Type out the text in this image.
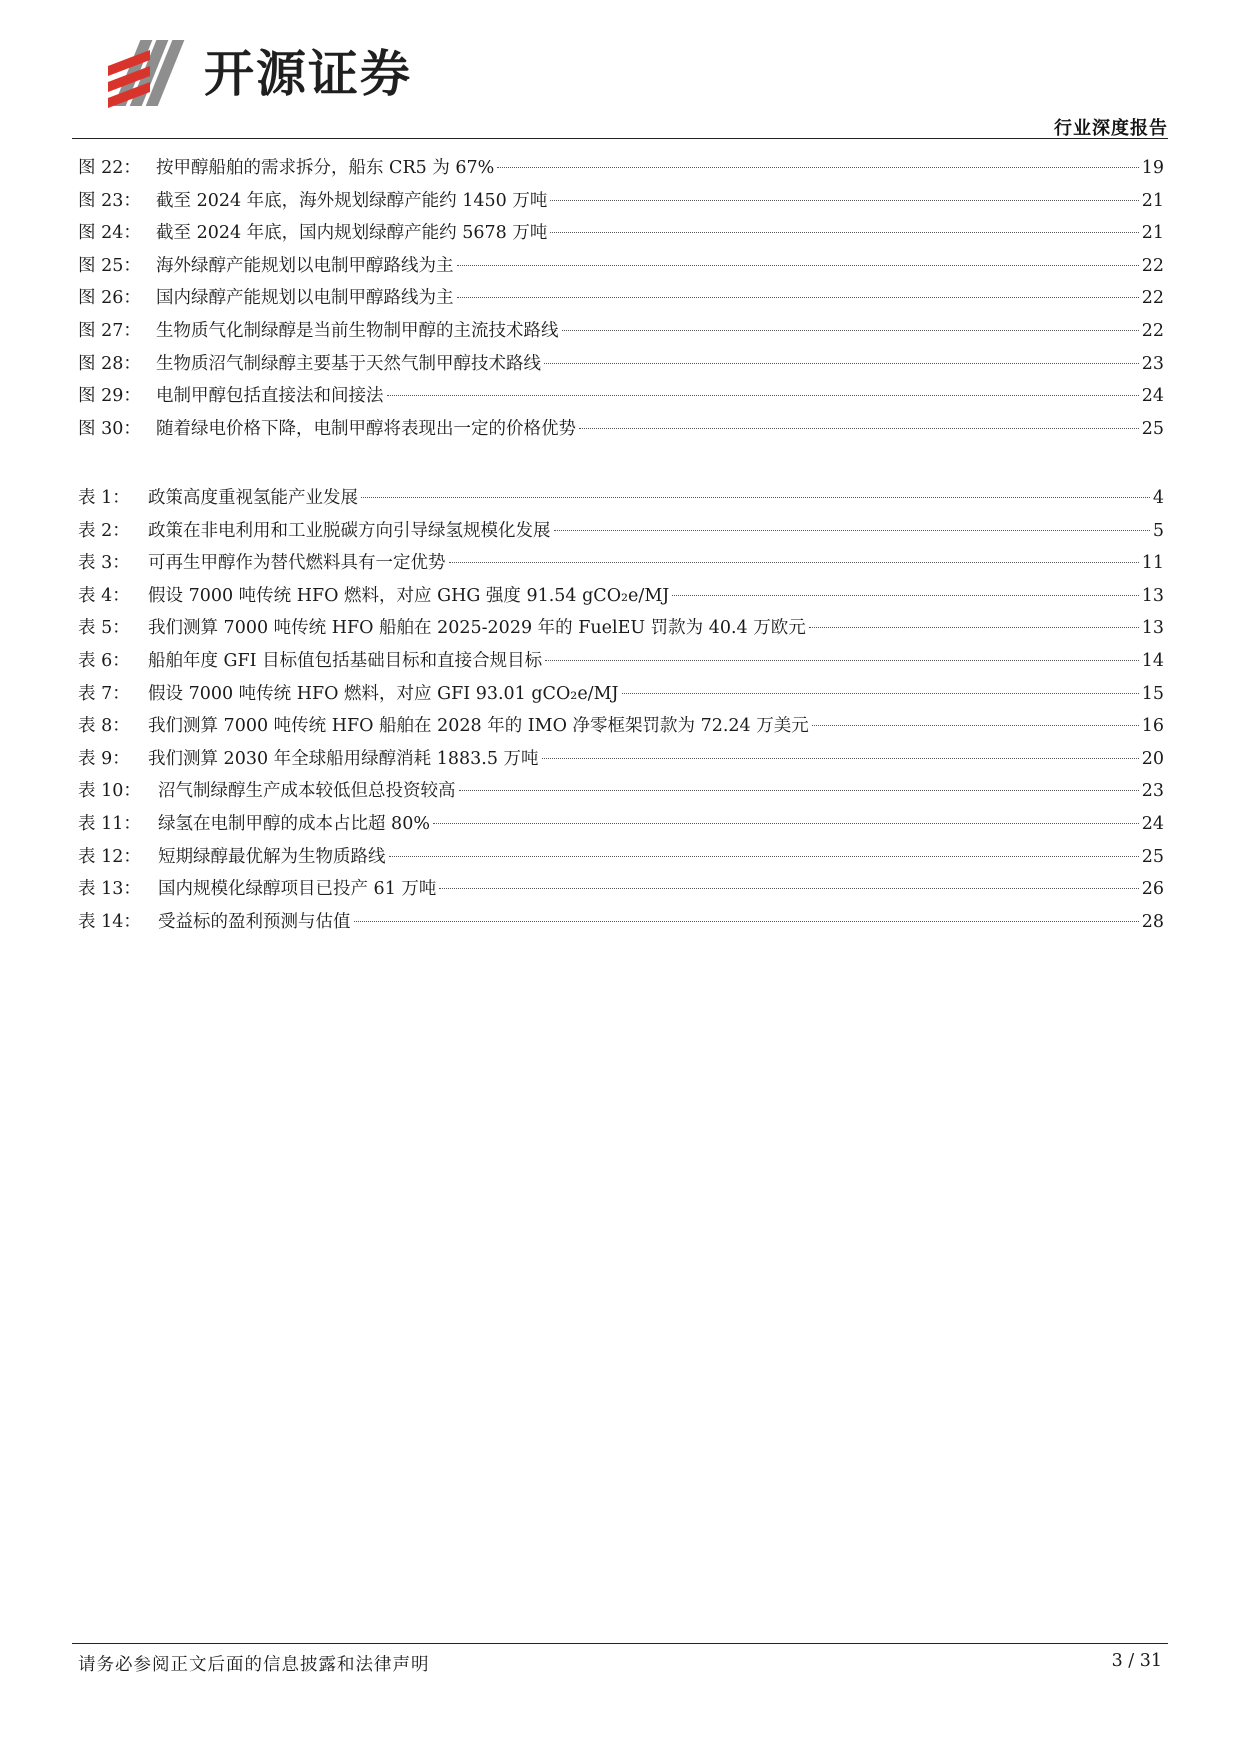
开源证券
行业深度报告
图 22： 按甲醇船舶的需求拆分，船东 CR5 为 67%	19
图 23： 截至 2024 年底，海外规划绿醇产能约 1450 万吨	21
图 24： 截至 2024 年底，国内规划绿醇产能约 5678 万吨	21
图 25： 海外绿醇产能规划以电制甲醇路线为主	22
图 26： 国内绿醇产能规划以电制甲醇路线为主	22
图 27： 生物质气化制绿醇是当前生物制甲醇的主流技术路线	22
图 28： 生物质沼气制绿醇主要基于天然气制甲醇技术路线	23
图 29： 电制甲醇包括直接法和间接法	24
图 30： 随着绿电价格下降，电制甲醇将表现出一定的价格优势	25
表 1：	政策高度重视氢能产业发展	4
表 2：	政策在非电利用和工业脱碳方向引导绿氢规模化发展	5
表 3：	可再生甲醇作为替代燃料具有一定优势	11
表 4：	假设 7000 吨传统 HFO 燃料，对应 GHG 强度 91.54 gCO₂e/MJ	13
表 5：	我们测算 7000 吨传统 HFO 船舶在 2025-2029 年的 FuelEU 罚款为 40.4 万欧元	13
表 6：	船舶年度 GFI 目标值包括基础目标和直接合规目标	14
表 7：	假设 7000 吨传统 HFO 燃料，对应 GFI 93.01 gCO₂e/MJ	15
表 8：	我们测算 7000 吨传统 HFO 船舶在 2028 年的 IMO 净零框架罚款为 72.24 万美元	16
表 9：	我们测算 2030 年全球船用绿醇消耗 1883.5 万吨	20
表 10： 沼气制绿醇生产成本较低但总投资较高	23
表 11： 绿氢在电制甲醇的成本占比超 80%	24
表 12： 短期绿醇最优解为生物质路线	25
表 13： 国内规模化绿醇项目已投产 61 万吨	26
表 14： 受益标的盈利预测与估值	28
请务必参阅正文后面的信息披露和法律声明	3 / 31
